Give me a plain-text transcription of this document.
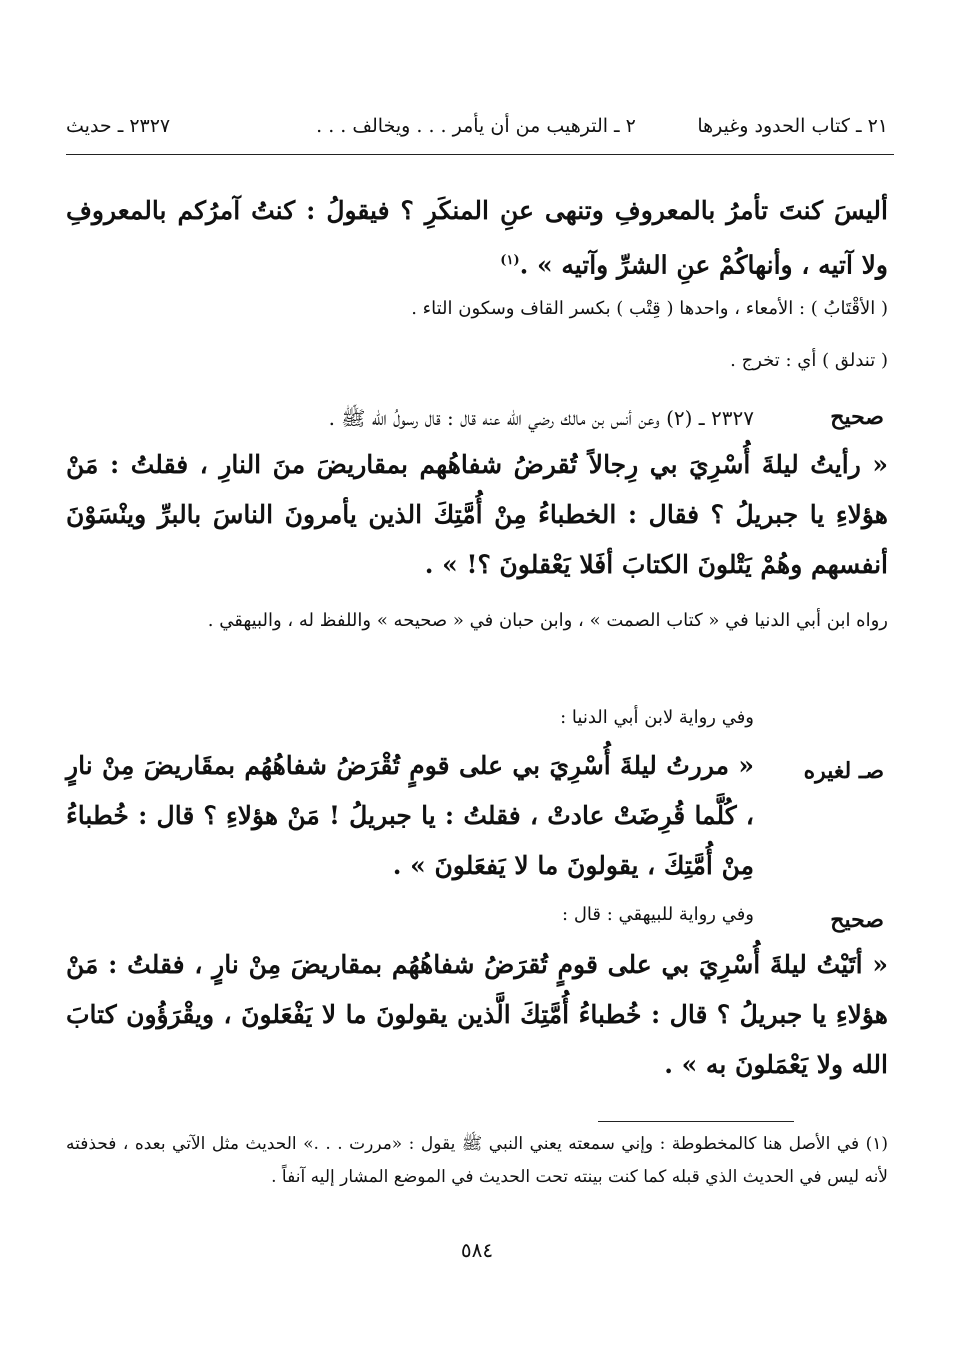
٢١ ـ كتاب الحدود وغيرها
٢ ـ الترهيب من أن يأمر . . . ويخالف . . .
٢٣٢٧ ـ حديث
أليسَ كنتَ تأمرُ بالمعروفِ وتنهى عنِ المنكَرِ ؟ فيقولُ : كنتُ آمرُكم بالمعروفِ ولا آتيه ، وأنهاكُمْ عنِ الشرِّ وآتيه » .$^{(١)}$
( الأقْتَابُ ) : الأمعاء ، واحدها ( قِتْب ) بكسر القاف وسكون التاء .
( تندلق ) أي : تخرج .
صحيح
٢٣٢٧ ـ (٢) وعن أنس بن مالك رضي الله عنه قال : قال رسولُ الله ﷺ .
« رأيتُ ليلةَ أُسْرِيَ بي رِجالاً تُقرضُ شفاهُهم بمقاريضَ منَ النارِ ، فقلتُ : مَنْ هؤلاءِ يا جبريلُ ؟ فقال : الخطباءُ مِنْ أُمَّتِكَ الذين يأمرونَ الناسَ بالبرِّ وينْسَوْنَ أنفسهم وهُمْ يَتْلونَ الكتابَ أفَلا يَعْقلونَ ؟! » .
رواه ابن أبي الدنيا في « كتاب الصمت » ، وابن حبان في « صحيحه » واللفظ له ، والبيهقي .
وفي رواية لابن أبي الدنيا :
صـ لغيره
« مررتُ ليلةَ أُسْرِيَ بي على قومٍ تُقْرَضُ شفاهُهُم بمقَاريضَ مِنْ نارٍ ، كُلَّما قُرِضَتْ عادتْ ، فقلتُ : يا جبريلُ ! مَنْ هؤلاءِ ؟ قال : خُطباءُ مِنْ أُمَّتِكَ ، يقولونَ ما لا يَفعَلونَ » .
صحيح
وفي رواية للبيهقي : قال :
« أتَيْتُ ليلةَ أُسْرِيَ بي على قومٍ تُقرَضُ شفاهُهُم بمقاريضَ مِنْ نارٍ ، فقلتُ : مَنْ هؤلاءِ يا جبريلُ ؟ قال : خُطباءُ أُمَّتِكَ الَّذين يقولونَ ما لا يَفْعَلونَ ، ويقْرَؤُون كتابَ الله ولا يَعْمَلونَ به » .
(١) في الأصل هنا كالمخطوطة : وإني سمعته يعني النبي ﷺ يقول : «مررت . . .» الحديث مثل الآتي بعده ، فحذفته لأنه ليس في الحديث الذي قبله كما كنت بينته تحت الحديث في الموضع المشار إليه آنفاً .
٥٨٤
